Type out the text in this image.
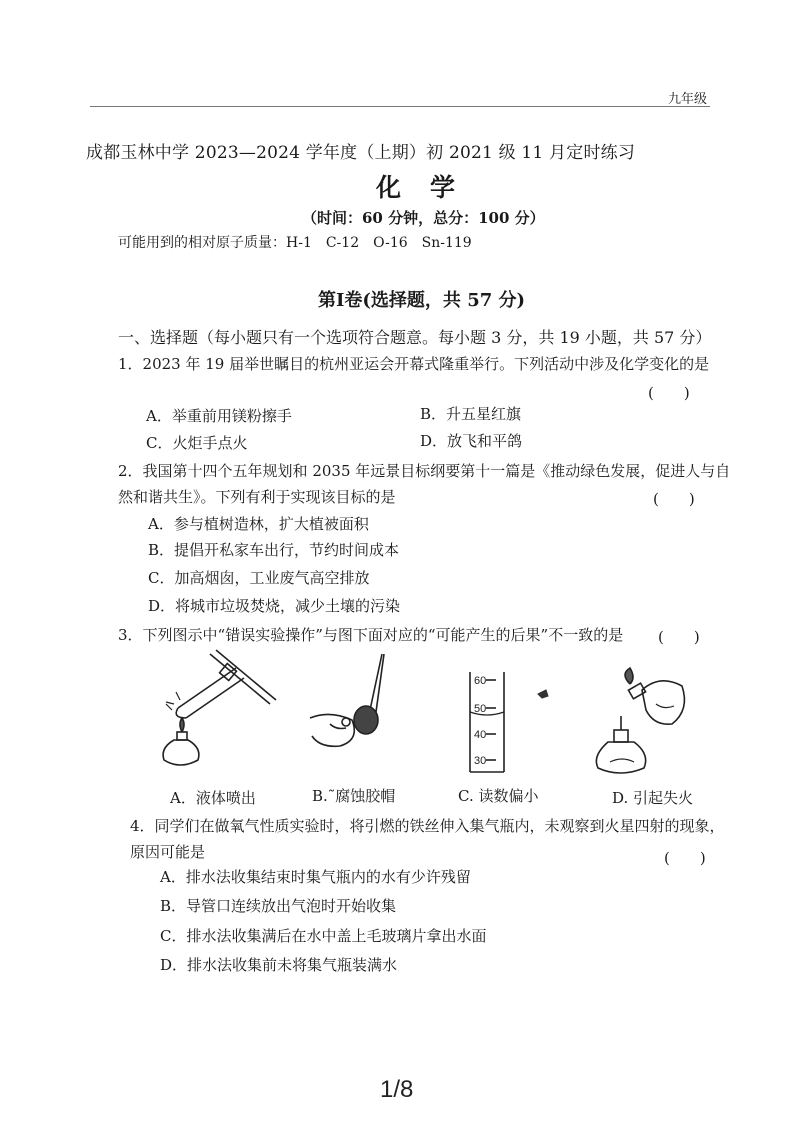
九年级
成都玉林中学 2023—2024 学年度（上期）初 2021 级 11 月定时练习
化　学
（时间：60 分钟，总分：100 分）
可能用到的相对原子质量：H-1　C-12　O-16　Sn-119
第Ⅰ卷(选择题，共 57 分)
一、选择题（每小题只有一个选项符合题意。每小题 3 分，共 19 小题，共 57 分）
1．2023 年 19 届举世瞩目的杭州亚运会开幕式隆重举行。下列活动中涉及化学变化的是
(　　)
A．举重前用镁粉擦手	B．升五星红旗
C．火炬手点火	D．放飞和平鸽
2．我国第十四个五年规划和 2035 年远景目标纲要第十一篇是《推动绿色发展，促进人与自
然和谐共生》。下列有利于实现该目标的是	(　　)
A．参与植树造林，扩大植被面积
B．提倡开私家车出行，节约时间成本
C．加高烟囱，工业废气高空排放
D．将城市垃圾焚烧，减少土壤的污染
3．下列图示中“错误实验操作”与图下面对应的“可能产生的后果”不一致的是 (　　)
A．液体喷出	B.˜腐蚀胶帽
60
50
40
30
C. 读数偏小	D. 引起失火
4．同学们在做氧气性质实验时，将引燃的铁丝伸入集气瓶内，未观察到火星四射的现象，
原因可能是	(　　)
A．排水法收集结束时集气瓶内的水有少许残留
B．导管口连续放出气泡时开始收集
C．排水法收集满后在水中盖上毛玻璃片拿出水面
D．排水法收集前未将集气瓶装满水
1/8
